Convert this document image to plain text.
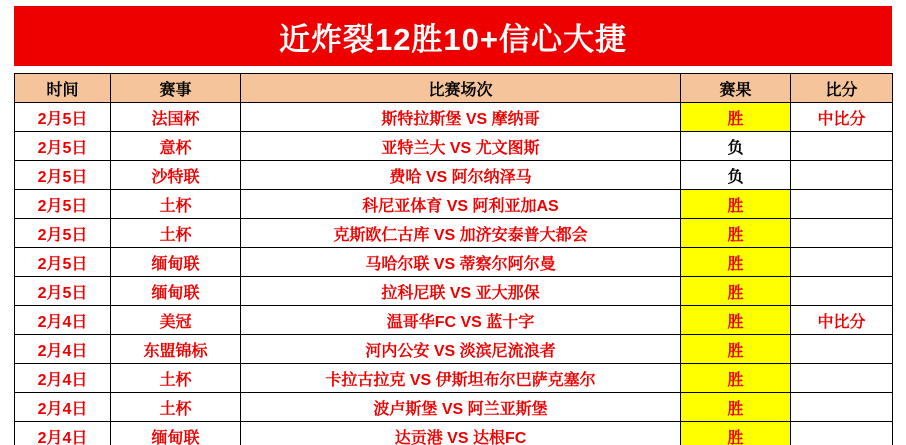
近炸裂12胜10+信心大捷
时间	赛事	比赛场次	赛果	比分
2月5日	法国杯	斯特拉斯堡 VS 摩纳哥	胜	中比分
2月5日	意杯	亚特兰大 VS 尤文图斯	负	
2月5日	沙特联	费哈 VS 阿尔纳泽马	负	
2月5日	土杯	科尼亚体育 VS 阿利亚加AS	胜	
2月5日	土杯	克斯欧仁古库 VS 加济安泰普大都会	胜	
2月5日	缅甸联	马哈尔联 VS 蒂察尔阿尔曼	胜	
2月5日	缅甸联	拉科尼联 VS 亚大那保	胜	
2月4日	美冠	温哥华FC VS 蓝十字	胜	中比分
2月4日	东盟锦标	河内公安 VS 淡滨尼流浪者	胜	
2月4日	土杯	卡拉古拉克 VS 伊斯坦布尔巴萨克塞尔	胜	
2月4日	土杯	波卢斯堡 VS 阿兰亚斯堡	胜	
2月4日	缅甸联	达贡港 VS 达根FC	胜	
